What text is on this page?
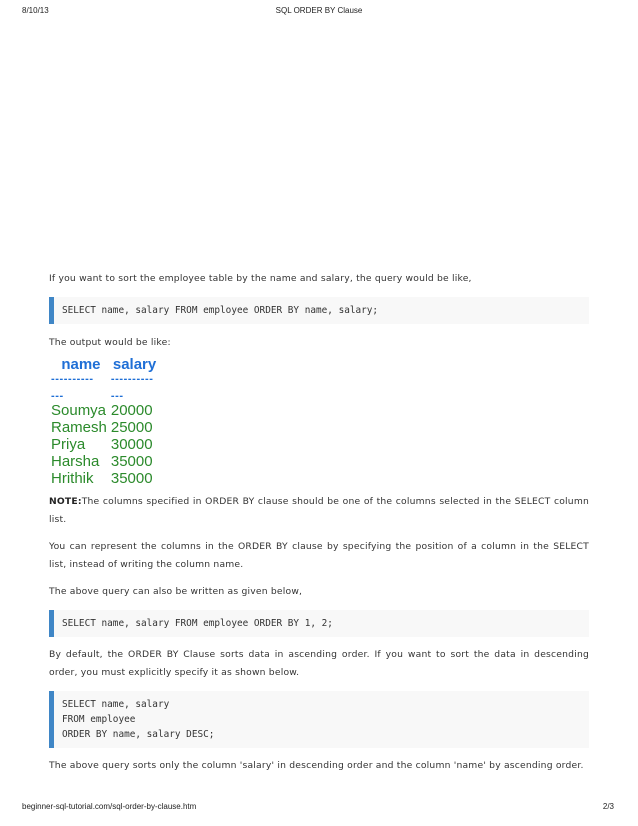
8/10/13	SQL ORDER BY Clause

If you want to sort the employee table by the name and salary, the query would be like,

SELECT name, salary FROM employee ORDER BY name, salary;

The output would be like:

name	salary

----------
---	----------
---

Soumya	20000
Ramesh	25000
Priya	30000
Harsha	35000
Hrithik	35000

NOTE:The columns specified in ORDER BY clause should be one of the columns selected in the SELECT column list.

You can represent the columns in the ORDER BY clause by specifying the position of a column in the SELECT list, instead of writing the column name.

The above query can also be written as given below,

SELECT name, salary FROM employee ORDER BY 1, 2;

By default, the ORDER BY Clause sorts data in ascending order. If you want to sort the data in descending order, you must explicitly specify it as shown below.

SELECT name, salary
FROM employee
ORDER BY name, salary DESC;

The above query sorts only the column 'salary' in descending order and the column 'name' by ascending order.

beginner-sql-tutorial.com/sql-order-by-clause.htm	2/3
